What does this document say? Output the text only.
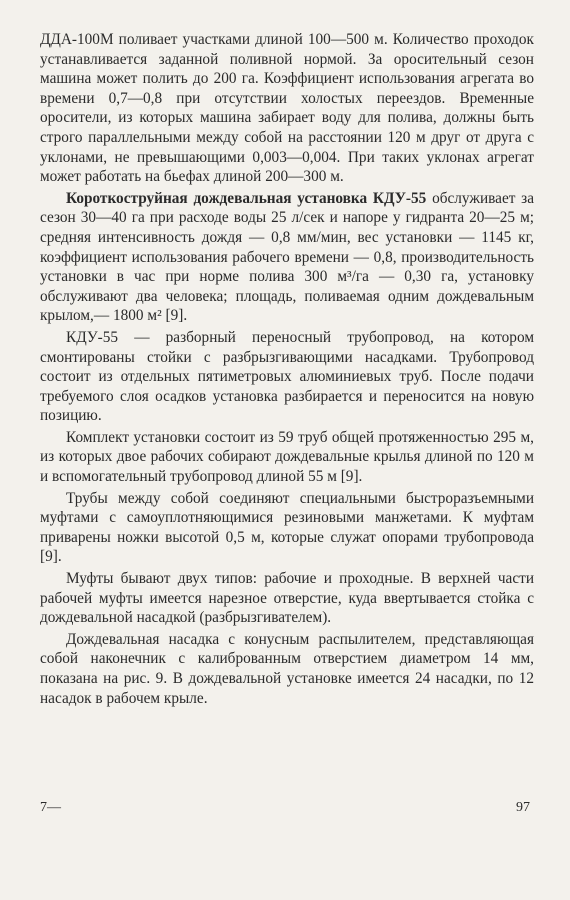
ДДА-100М поливает участками длиной 100—500 м. Количество проходок устанавливается заданной поливной нормой. За оросительный сезон машина может полить до 200 га. Коэффициент использования агрегата во времени 0,7—0,8 при отсутствии холостых переездов. Временные оросители, из которых машина забирает воду для полива, должны быть строго параллельными между собой на расстоянии 120 м друг от друга с уклонами, не превышающими 0,003—0,004. При таких уклонах агрегат может работать на бьефах длиной 200—300 м.

Короткоструйная дождевальная установка КДУ-55 обслуживает за сезон 30—40 га при расходе воды 25 л/сек и напоре у гидранта 20—25 м; средняя интенсивность дождя — 0,8 мм/мин, вес установки — 1145 кг, коэффициент использования рабочего времени — 0,8, производительность установки в час при норме полива 300 м³/га — 0,30 га, установку обслуживают два человека; площадь, поливаемая одним дождевальным крылом,— 1800 м² [9].

КДУ-55 — разборный переносный трубопровод, на котором смонтированы стойки с разбрызгивающими насадками. Трубопровод состоит из отдельных пятиметровых алюминиевых труб. После подачи требуемого слоя осадков установка разбирается и переносится на новую позицию.

Комплект установки состоит из 59 труб общей протяженностью 295 м, из которых двое рабочих собирают дождевальные крылья длиной по 120 м и вспомогательный трубопровод длиной 55 м [9].

Трубы между собой соединяют специальными быстроразъемными муфтами с самоуплотняющимися резиновыми манжетами. К муфтам приварены ножки высотой 0,5 м, которые служат опорами трубопровода [9].

Муфты бывают двух типов: рабочие и проходные. В верхней части рабочей муфты имеется нарезное отверстие, куда ввертывается стойка с дождевальной насадкой (разбрызгивателем).

Дождевальная насадка с конусным распылителем, представляющая собой наконечник с калиброванным отверстием диаметром 14 мм, показана на рис. 9. В дождевальной установке имеется 24 насадки, по 12 насадок в рабочем крыле.

7—	97
